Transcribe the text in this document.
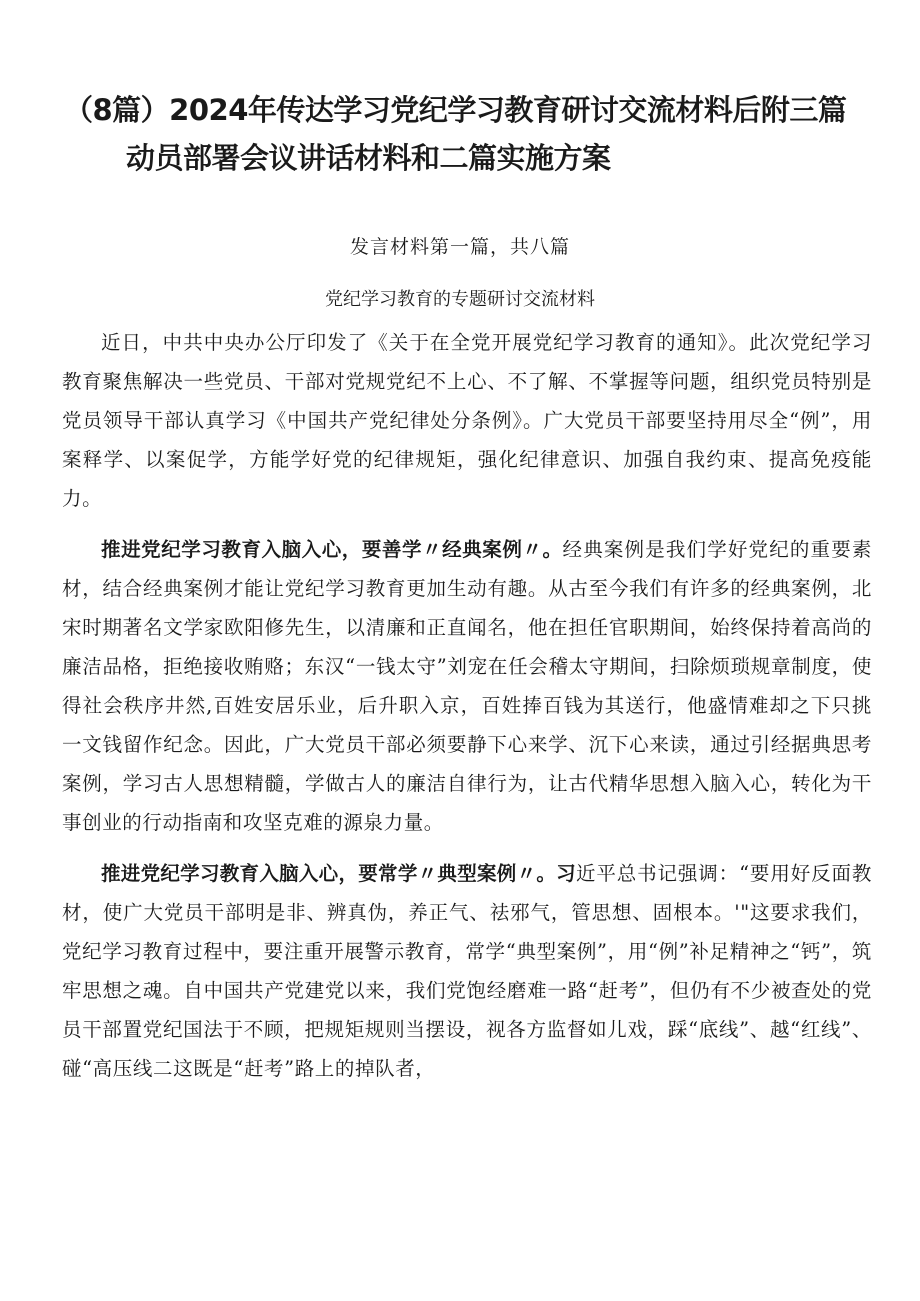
（8篇）2024年传达学习党纪学习教育研讨交流材料后附三篇
动员部署会议讲话材料和二篇实施方案
发言材料第一篇，共八篇
党纪学习教育的专题研讨交流材料

近日，中共中央办公厅印发了《关于在全党开展党纪学习教育的通知》。此次党纪学习教育聚焦解决一些党员、干部对党规党纪不上心、不了解、不掌握等问题，组织党员特别是党员领导干部认真学习《中国共产党纪律处分条例》。广大党员干部要坚持用尽全“例”，用案释学、以案促学，方能学好党的纪律规矩，强化纪律意识、加强自我约束、提高免疫能力。

推进党纪学习教育入脑入心，要善学〃经典案例〃。经典案例是我们学好党纪的重要素材，结合经典案例才能让党纪学习教育更加生动有趣。从古至今我们有许多的经典案例，北宋时期著名文学家欧阳修先生，以清廉和正直闻名，他在担任官职期间，始终保持着高尚的廉洁品格，拒绝接收贿赂；东汉“一钱太守”刘宠在任会稽太守期间，扫除烦琐规章制度，使得社会秩序井然,百姓安居乐业，后升职入京，百姓捧百钱为其送行，他盛情难却之下只挑一文钱留作纪念。因此，广大党员干部必须要静下心来学、沉下心来读，通过引经据典思考案例，学习古人思想精髓，学做古人的廉洁自律行为，让古代精华思想入脑入心，转化为干事创业的行动指南和攻坚克难的源泉力量。

推进党纪学习教育入脑入心，要常学〃典型案例〃。习近平总书记强调：“要用好反面教材，使广大党员干部明是非、辨真伪，养正气、祛邪气，管思想、固根本。'"这要求我们，党纪学习教育过程中，要注重开展警示教育，常学“典型案例”，用“例”补足精神之“钙”，筑牢思想之魂。自中国共产党建党以来，我们党饱经磨难一路“赶考”，但仍有不少被查处的党员干部置党纪国法于不顾，把规矩规则当摆设，视各方监督如儿戏，踩“底线”、越“红线”、碰“高压线二这既是“赶考”路上的掉队者，
